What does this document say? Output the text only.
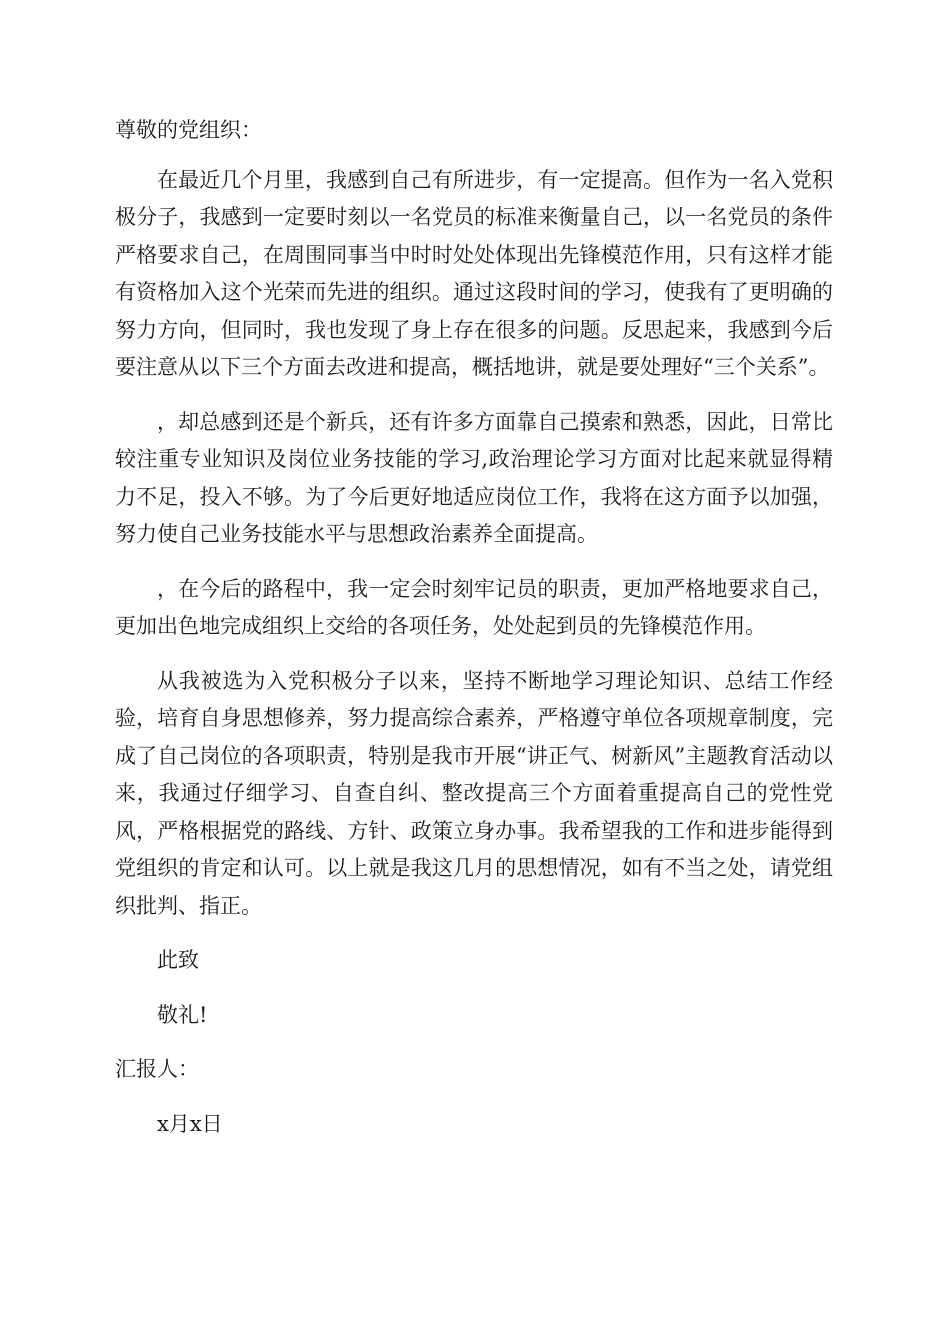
尊敬的党组织：

在最近几个月里，我感到自己有所进步，有一定提高。但作为一名入党积极分子，我感到一定要时刻以一名党员的标准来衡量自己，以一名党员的条件严格要求自己，在周围同事当中时时处处体现出先锋模范作用，只有这样才能有资格加入这个光荣而先进的组织。通过这段时间的学习，使我有了更明确的努力方向，但同时，我也发现了身上存在很多的问题。反思起来，我感到今后要注意从以下三个方面去改进和提高，概括地讲，就是要处理好“三个关系”。

，却总感到还是个新兵，还有许多方面靠自己摸索和熟悉，因此，日常比较注重专业知识及岗位业务技能的学习,政治理论学习方面对比起来就显得精力不足，投入不够。为了今后更好地适应岗位工作，我将在这方面予以加强，努力使自己业务技能水平与思想政治素养全面提高。

，在今后的路程中，我一定会时刻牢记员的职责，更加严格地要求自己，更加出色地完成组织上交给的各项任务，处处起到员的先锋模范作用。

从我被选为入党积极分子以来，坚持不断地学习理论知识、总结工作经验，培育自身思想修养，努力提高综合素养，严格遵守单位各项规章制度，完成了自己岗位的各项职责，特别是我市开展“讲正气、树新风”主题教育活动以来，我通过仔细学习、自查自纠、整改提高三个方面着重提高自己的党性党风，严格根据党的路线、方针、政策立身办事。我希望我的工作和进步能得到党组织的肯定和认可。以上就是我这几月的思想情况，如有不当之处，请党组织批判、指正。

此致

敬礼!

汇报人：

x月x日
